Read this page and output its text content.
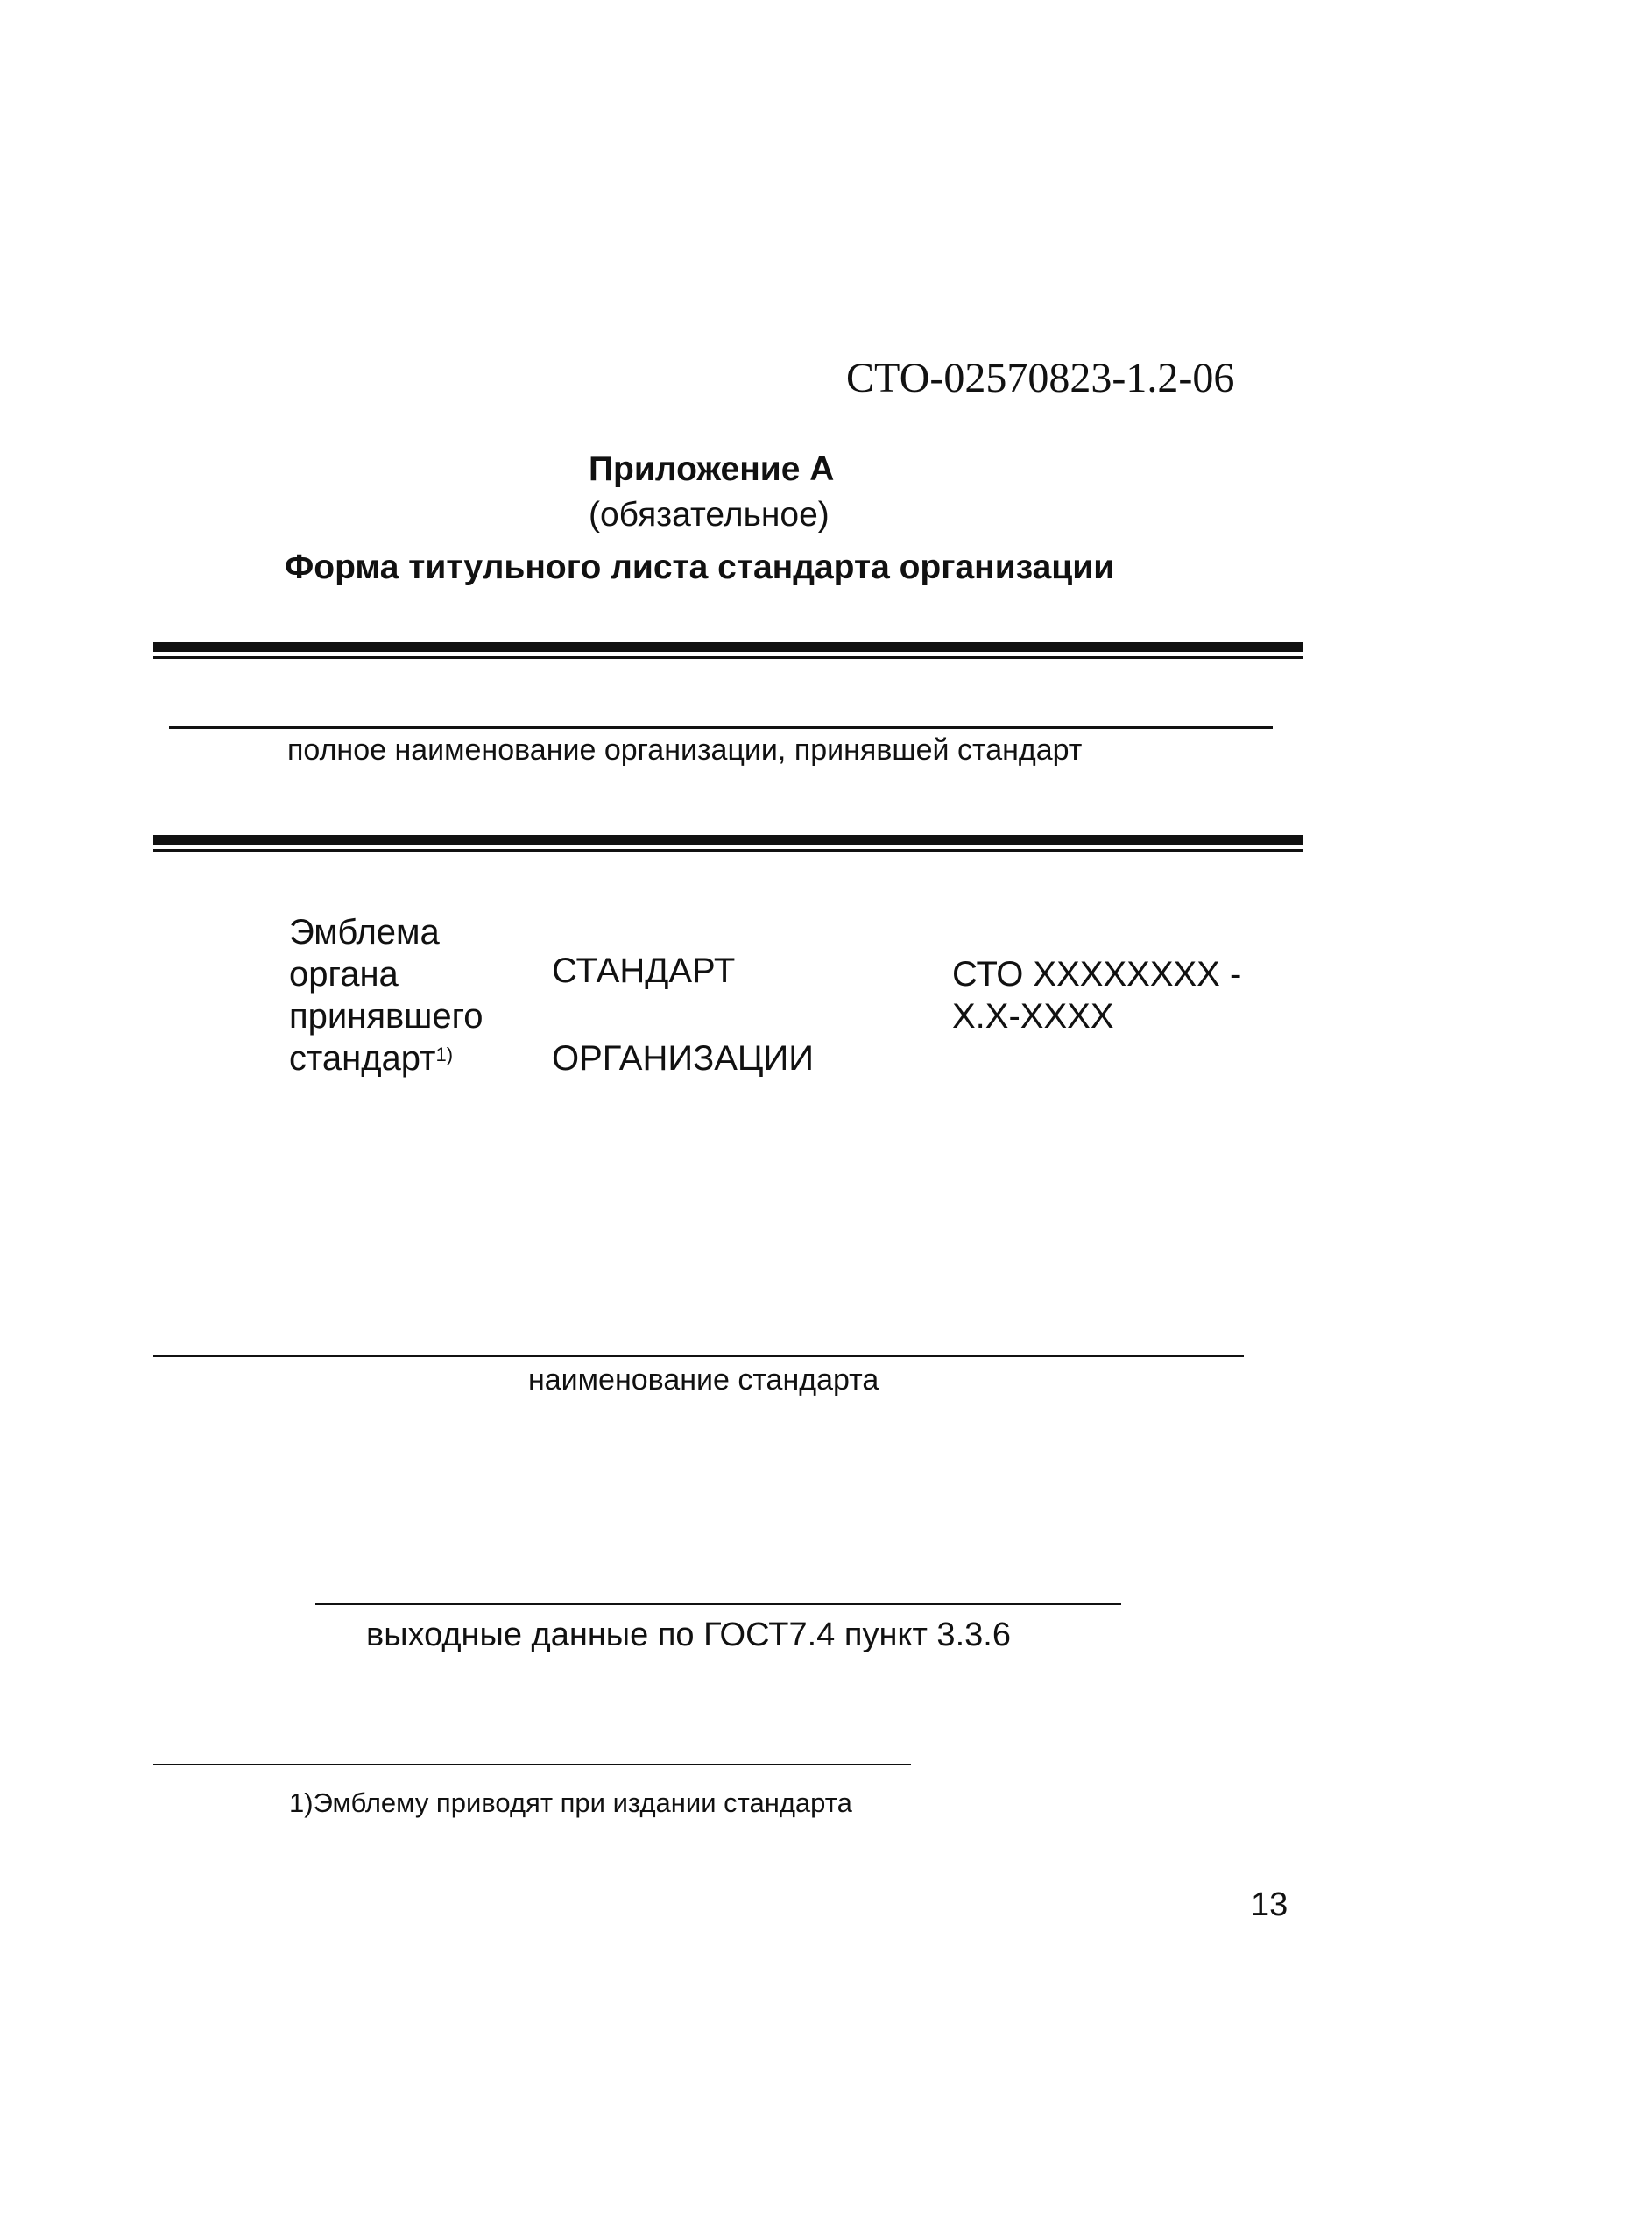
СТО-02570823-1.2-06
Приложение А
(обязательное)
Форма титульного листа стандарта организации
полное наименование организации, принявшей стандарт
Эмблема
органа
принявшего
стандарт$^{1)}$
СТАНДАРТ
ОРГАНИЗАЦИИ
СТО XXXXXXXX -
X.X-XXXX
наименование стандарта
выходные данные по ГОСТ7.4 пункт 3.3.6
1)Эмблему приводят при издании стандарта
13
